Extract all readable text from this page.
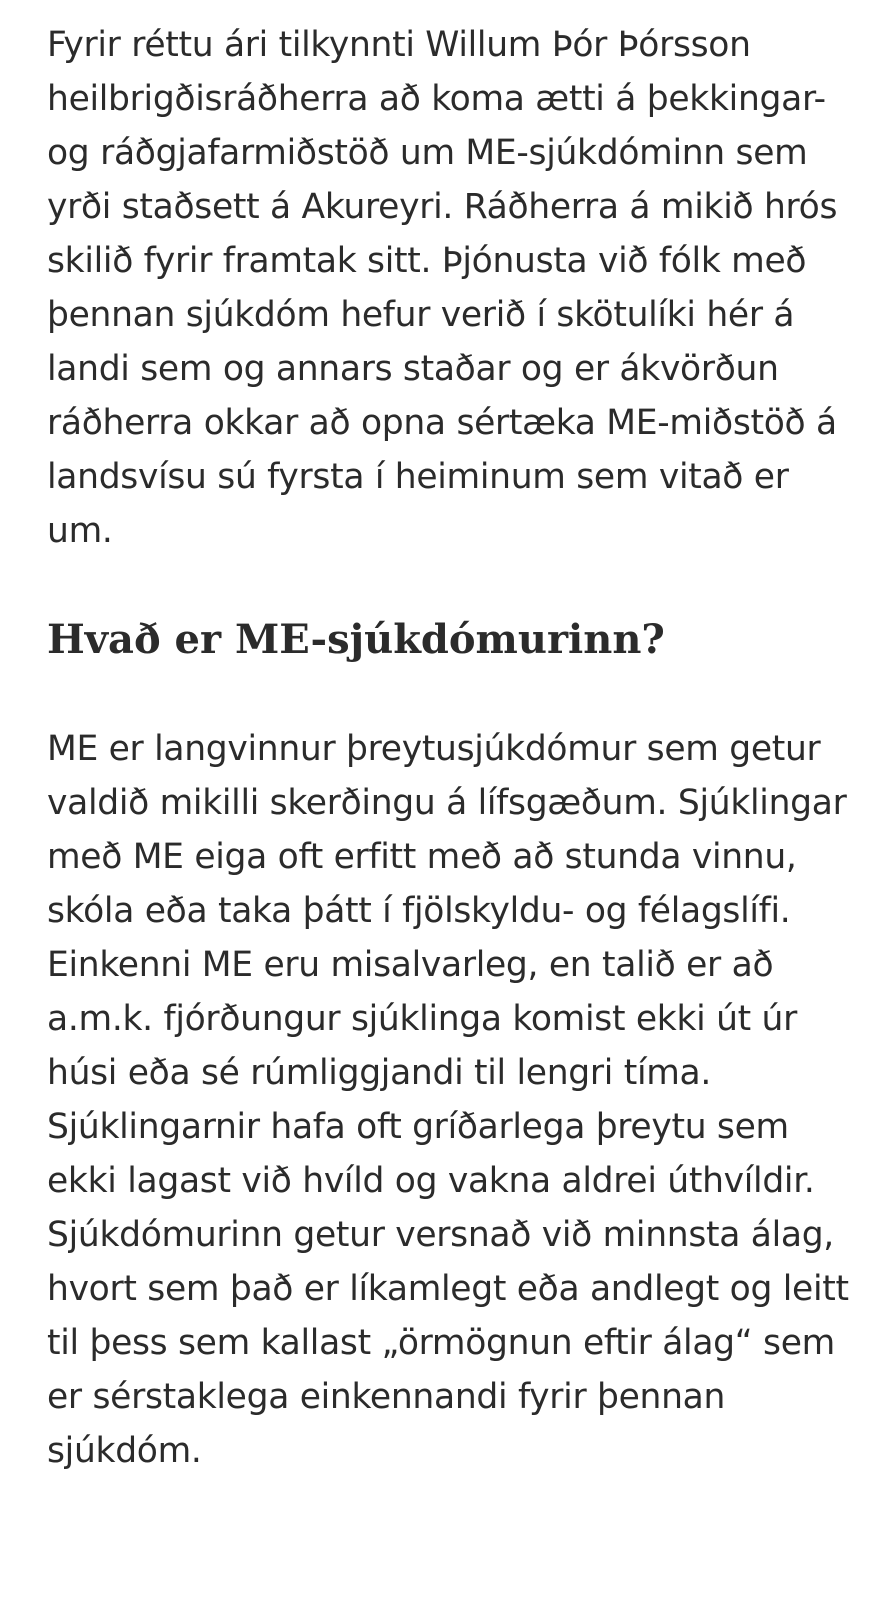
Fyrir réttu ári tilkynnti Willum Þór Þórsson heilbrigðisráðherra að koma ætti á þekkingar- og ráðgjafarmiðstöð um ME-sjúkdóminn sem yrði staðsett á Akureyri. Ráðherra á mikið hrós skilið fyrir framtak sitt. Þjónusta við fólk með þennan sjúkdóm hefur verið í skötulíki hér á landi sem og annars staðar og er ákvörðun ráðherra okkar að opna sértæka ME-miðstöð á landsvísu sú fyrsta í heiminum sem vitað er um.

Hvað er ME-sjúkdómurinn?

ME er langvinnur þreytusjúkdómur sem getur valdið mikilli skerðingu á lífsgæðum. Sjúklingar með ME eiga oft erfitt með að stunda vinnu, skóla eða taka þátt í fjölskyldu- og félagslífi. Einkenni ME eru misalvarleg, en talið er að a.m.k. fjórðungur sjúklinga komist ekki út úr húsi eða sé rúmliggjandi til lengri tíma. Sjúklingarnir hafa oft gríðarlega þreytu sem ekki lagast við hvíld og vakna aldrei úthvíldir. Sjúkdómurinn getur versnað við minnsta álag, hvort sem það er líkamlegt eða andlegt og leitt til þess sem kallast „örmögnun eftir álag“ sem er sérstaklega einkennandi fyrir þennan sjúkdóm.
